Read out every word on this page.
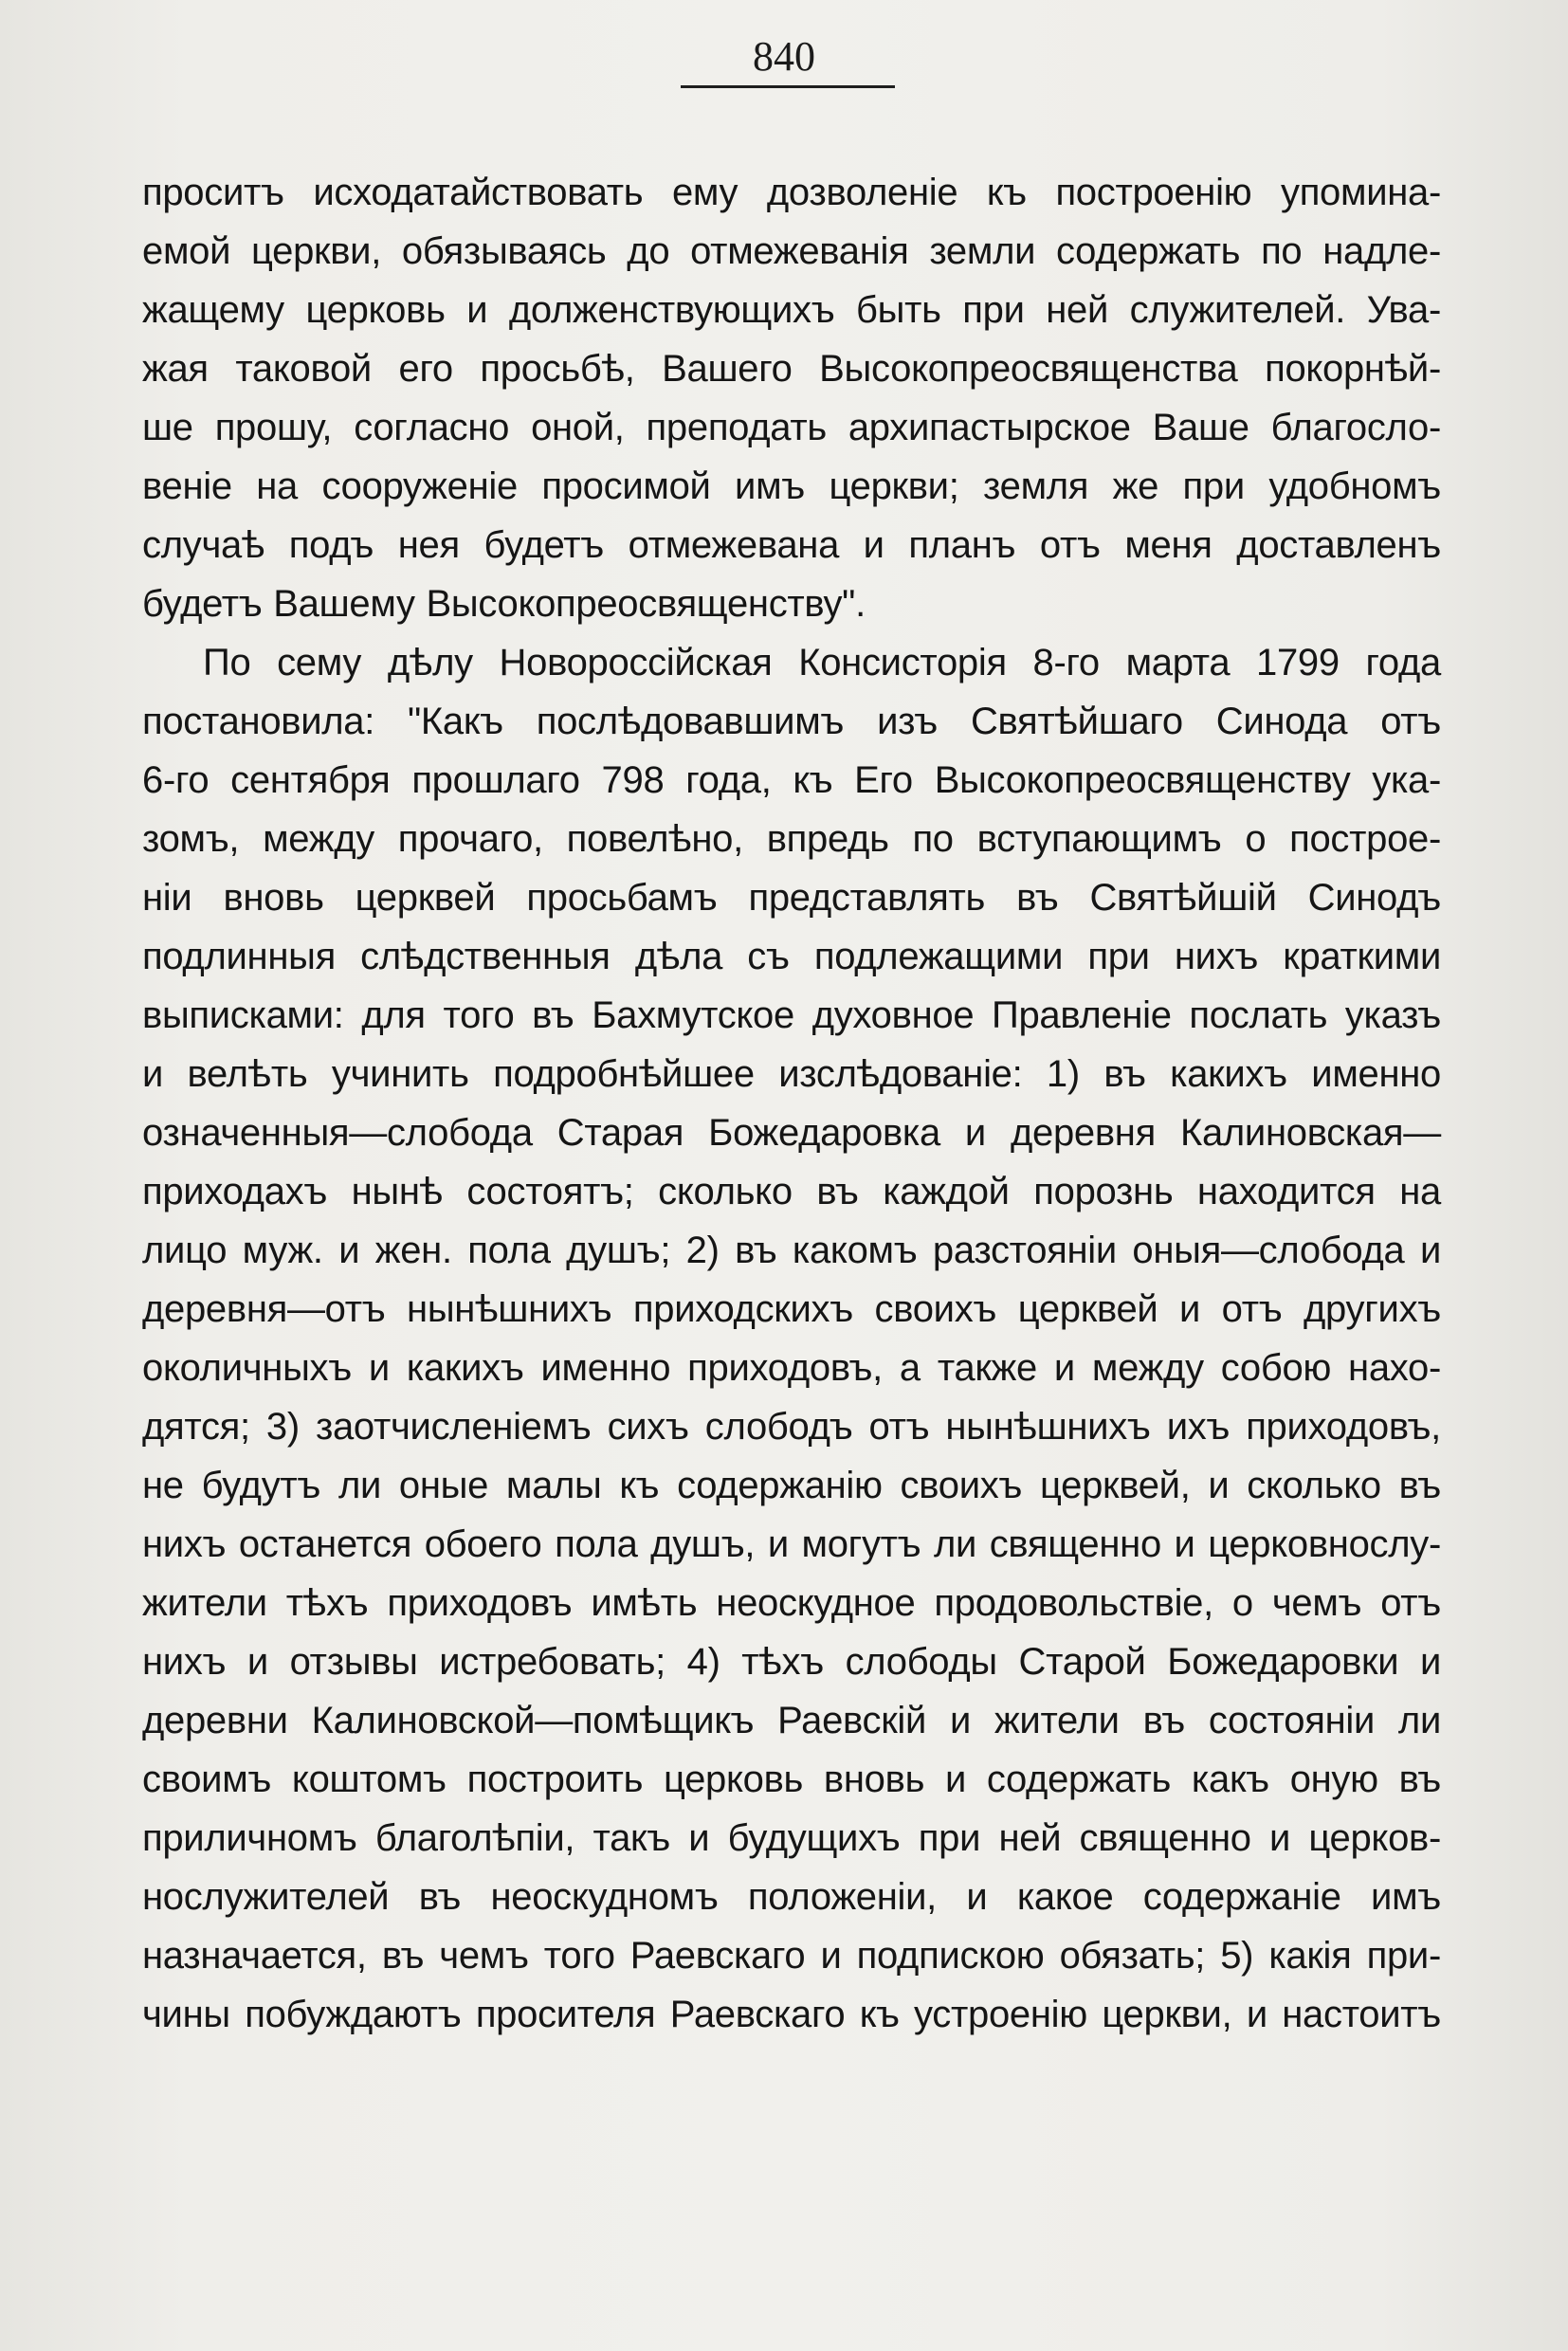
840

проситъ исходатайствовать ему дозволеніе къ построенію упомина-
емой церкви, обязываясь до отмежеванія земли содержать по надле-
жащему церковь и долженствующихъ быть при ней служителей. Ува-
жая таковой его просьбѣ, Вашего Высокопреосвященства покорнѣй-
ше прошу, согласно оной, преподать архипастырское Ваше благосло-
веніе на сооруженіе просимой имъ церкви; земля же при удобномъ
случаѣ подъ нея будетъ отмежевана и планъ отъ меня доставленъ
будетъ Вашему Высокопреосвященству".

По сему дѣлу Новороссійская Консисторія 8-го марта 1799 года
постановила: "Какъ послѣдовавшимъ изъ Святѣйшаго Синода отъ
6-го сентября прошлаго 798 года, къ Его Высокопреосвященству ука-
зомъ, между прочаго, повелѣно, впредь по вступающимъ о построе-
ніи вновь церквей просьбамъ представлять въ Святѣйшій Синодъ
подлинныя слѣдственныя дѣла съ подлежащими при нихъ краткими
выписками: для того въ Бахмутское духовное Правленіе послать указъ
и велѣть учинить подробнѣйшее изслѣдованіе: 1) въ какихъ именно
означенныя—слобода Старая Божедаровка и деревня Калиновская—
приходахъ нынѣ состоятъ; сколько въ каждой порознь находится на
лицо муж. и жен. пола душъ; 2) въ какомъ разстояніи оныя—слобода и
деревня—отъ нынѣшнихъ приходскихъ своихъ церквей и отъ другихъ
околичныхъ и какихъ именно приходовъ, а также и между собою нахо-
дятся; 3) заотчисленіемъ сихъ слободъ отъ нынѣшнихъ ихъ приходовъ,
не будутъ ли оные малы къ содержанію своихъ церквей, и сколько въ
нихъ останется обоего пола душъ, и могутъ ли священно и церковнослу-
жители тѣхъ приходовъ имѣть неоскудное продовольствіе, о чемъ отъ
нихъ и отзывы истребовать; 4) тѣхъ слободы Старой Божедаровки и
деревни Калиновской—помѣщикъ Раевскій и жители въ состояніи ли
своимъ коштомъ построить церковь вновь и содержать какъ оную въ
приличномъ благолѣпіи, такъ и будущихъ при ней священно и церков-
нослужителей въ неоскудномъ положеніи, и какое содержаніе имъ
назначается, въ чемъ того Раевскаго и подпискою обязать; 5) какія при-
чины побуждаютъ просителя Раевскаго къ устроенію церкви, и настоитъ
